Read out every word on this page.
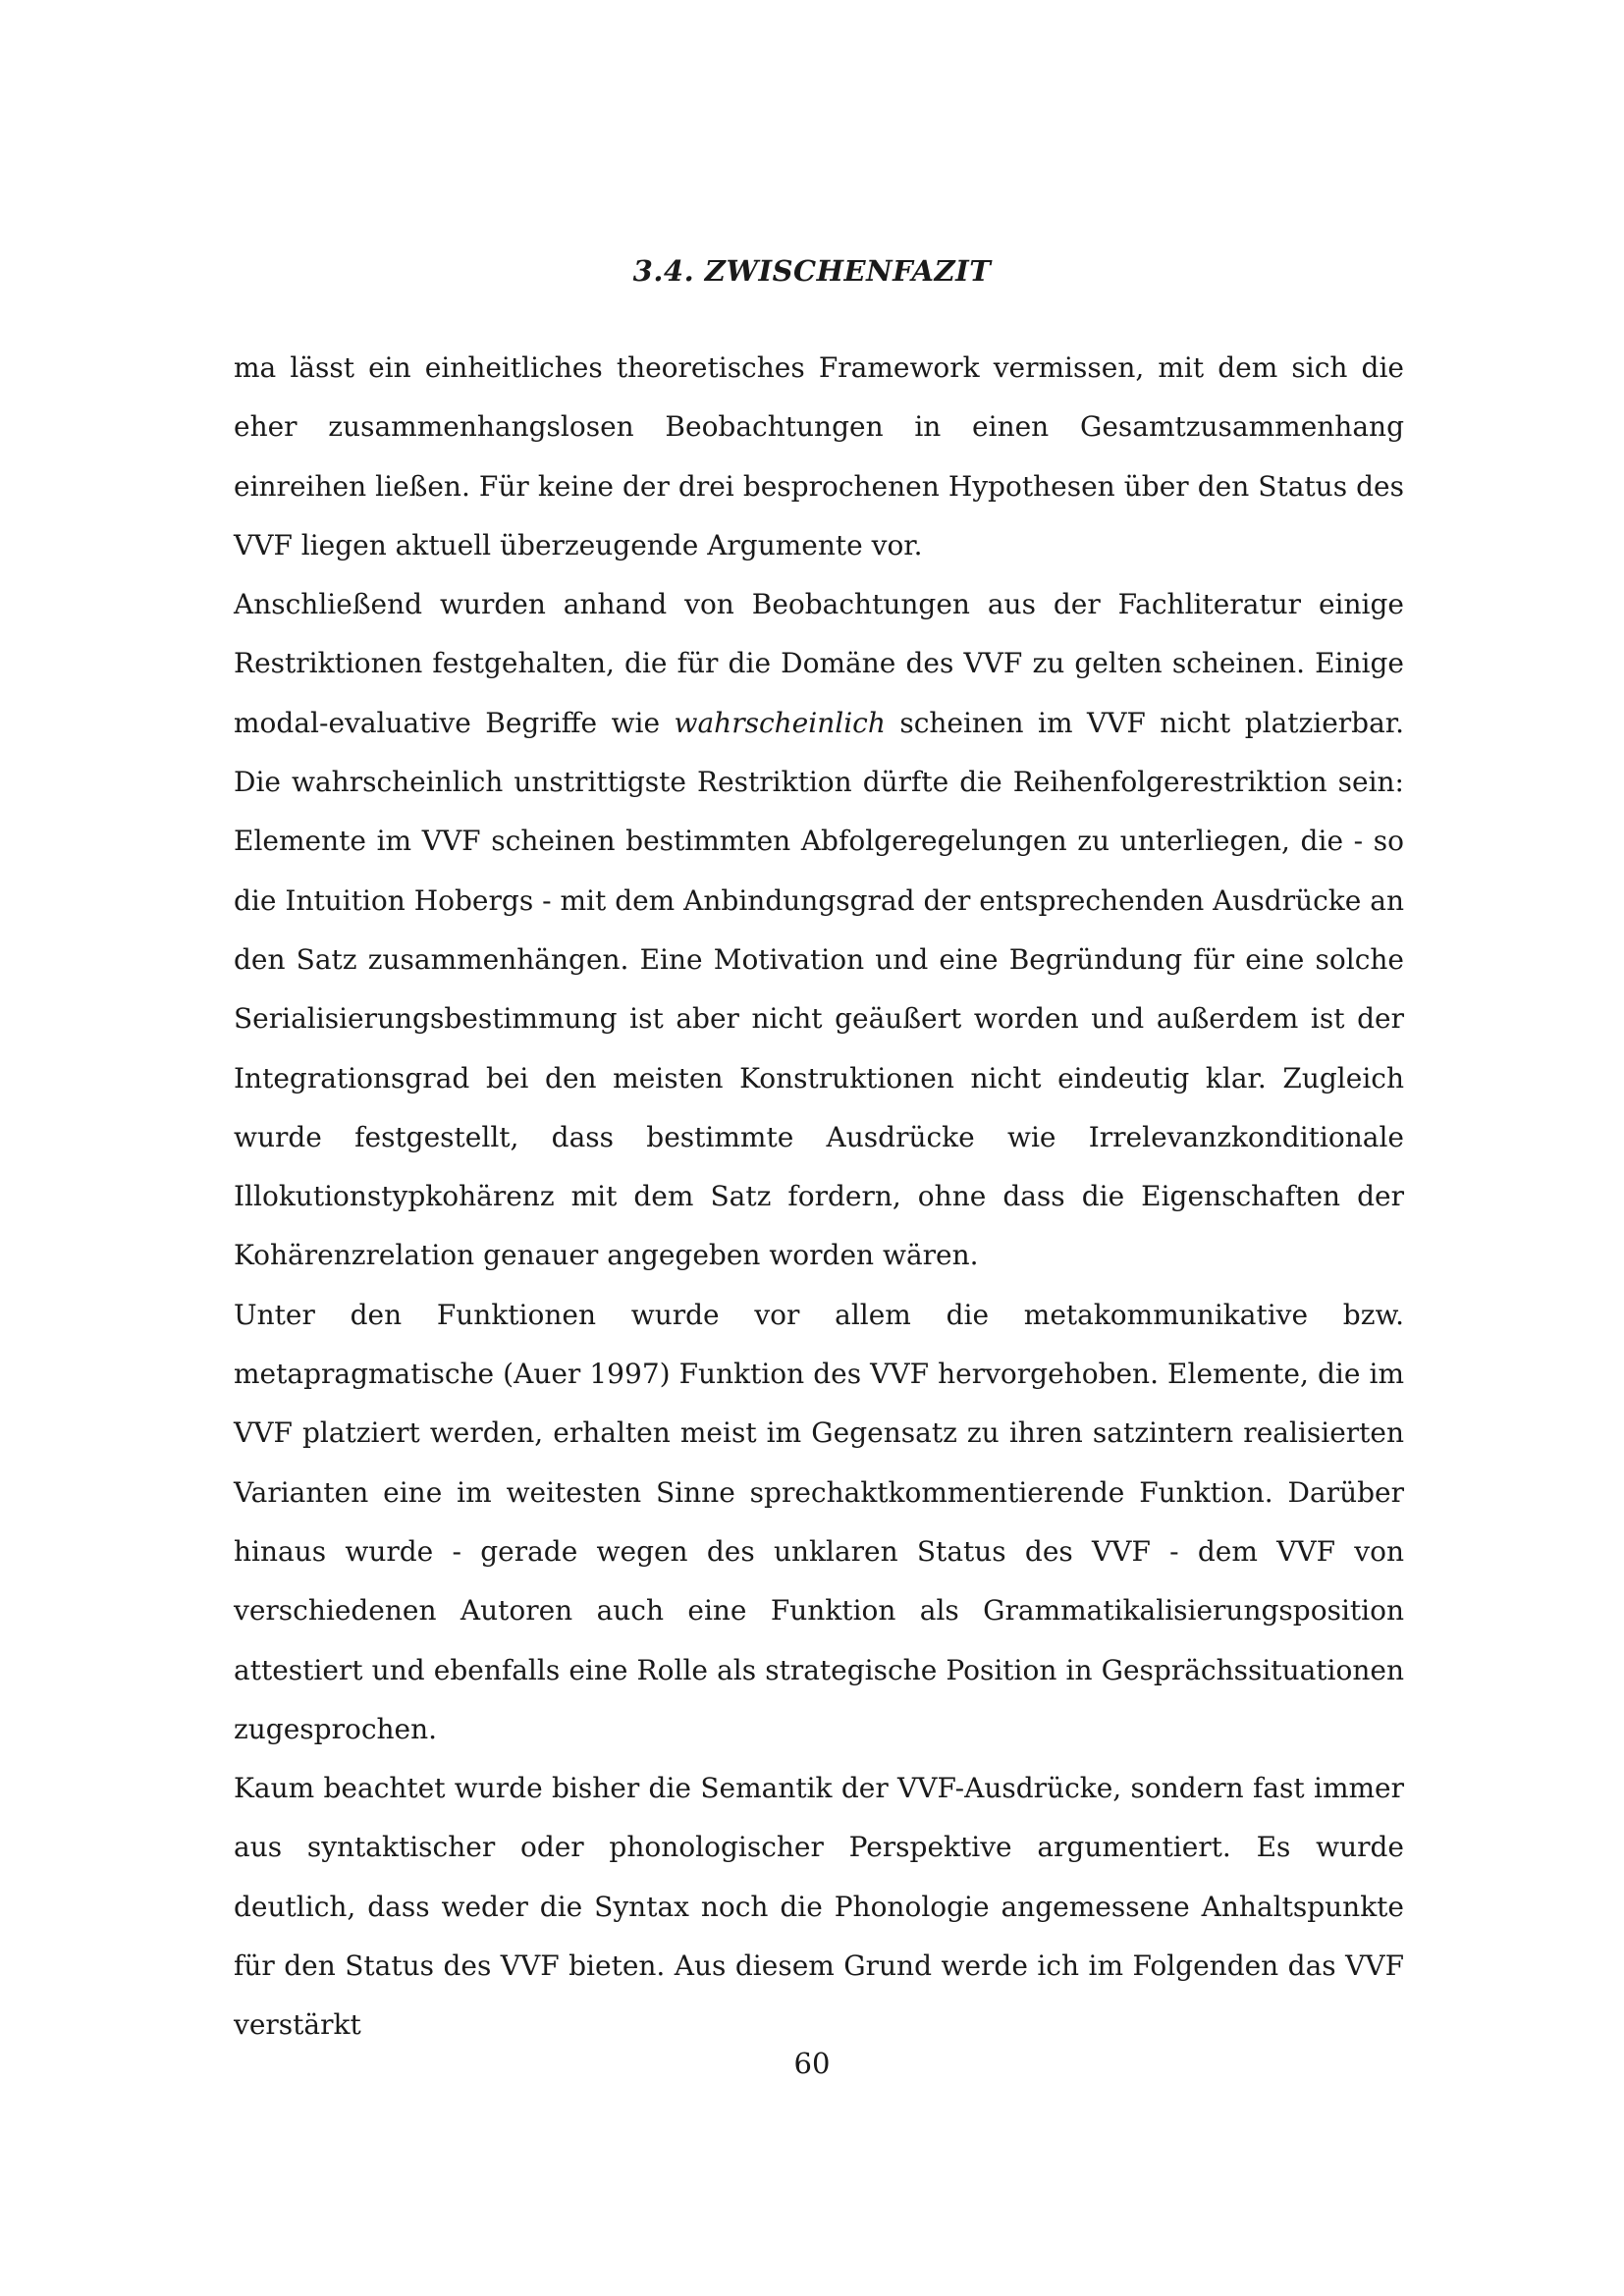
3.4. ZWISCHENFAZIT

ma lässt ein einheitliches theoretisches Framework vermissen, mit dem sich die eher zusammenhangslosen Beobachtungen in einen Gesamtzusammenhang einreihen ließen. Für keine der drei besprochenen Hypothesen über den Status des VVF liegen aktuell überzeugende Argumente vor.

Anschließend wurden anhand von Beobachtungen aus der Fachliteratur einige Restriktionen festgehalten, die für die Domäne des VVF zu gelten scheinen. Einige modal-evaluative Begriffe wie wahrscheinlich scheinen im VVF nicht platzierbar. Die wahrscheinlich unstrittigste Restriktion dürfte die Reihenfolgerestriktion sein: Elemente im VVF scheinen bestimmten Abfolgeregelungen zu unterliegen, die - so die Intuition Hobergs - mit dem Anbindungsgrad der entsprechenden Ausdrücke an den Satz zusammenhängen. Eine Motivation und eine Begründung für eine solche Serialisierungsbestimmung ist aber nicht geäußert worden und außerdem ist der Integrationsgrad bei den meisten Konstruktionen nicht eindeutig klar. Zugleich wurde festgestellt, dass bestimmte Ausdrücke wie Irrelevanzkonditionale Illokutionstypkohärenz mit dem Satz fordern, ohne dass die Eigenschaften der Kohärenzrelation genauer angegeben worden wären.

Unter den Funktionen wurde vor allem die metakommunikative bzw. metapragmatische (Auer 1997) Funktion des VVF hervorgehoben. Elemente, die im VVF platziert werden, erhalten meist im Gegensatz zu ihren satzintern realisierten Varianten eine im weitesten Sinne sprechaktkommentierende Funktion. Darüber hinaus wurde - gerade wegen des unklaren Status des VVF - dem VVF von verschiedenen Autoren auch eine Funktion als Grammatikalisierungsposition attestiert und ebenfalls eine Rolle als strategische Position in Gesprächssituationen zugesprochen.

Kaum beachtet wurde bisher die Semantik der VVF-Ausdrücke, sondern fast immer aus syntaktischer oder phonologischer Perspektive argumentiert. Es wurde deutlich, dass weder die Syntax noch die Phonologie angemessene Anhaltspunkte für den Status des VVF bieten. Aus diesem Grund werde ich im Folgenden das VVF verstärkt

60
